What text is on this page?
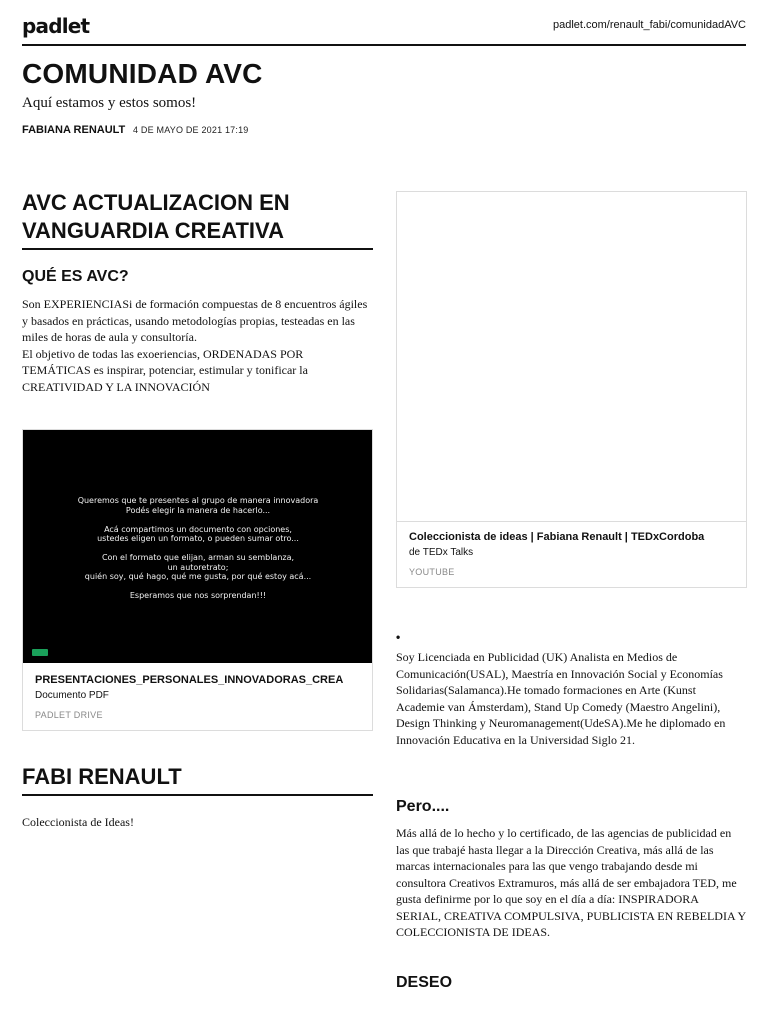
padlet	padlet.com/renault_fabi/comunidadAVC
COMUNIDAD AVC
Aquí estamos y estos somos!
FABIANA RENAULT 4 DE MAYO DE 2021 17:19
AVC ACTUALIZACION EN VANGUARDIA CREATIVA
QUÉ ES AVC?
Son EXPERIENCIASi de formación compuestas de 8 encuentros ágiles y basados en prácticas, usando metodologías propias, testeadas en las miles de horas de aula y consultoría.
El objetivo de todas las exoeriencias, ORDENADAS POR TEMÁTICAS es inspirar, potenciar, estimular y tonificar la CREATIVIDAD Y LA INNOVACIÓN
Queremos que te presentes al grupo de manera innovadora
Podés elegir la manera de hacerlo...

Acá compartimos un documento con opciones,
ustedes eligen un formato, o pueden sumar otro...

Con el formato que elijan, arman su semblanza,
un autoretrato;
quién soy, qué hago, qué me gusta, por qué estoy acá...

Esperamos que nos sorprendan!!!
PRESENTACIONES_PERSONALES_INNOVADORAS_CREA
Documento PDF
PADLET DRIVE
FABI RENAULT
Coleccionista de Ideas!
Coleccionista de ideas | Fabiana Renault | TEDxCordoba
de TEDx Talks
YOUTUBE
•
Soy Licenciada en Publicidad (UK) Analista en Medios de Comunicación(USAL), Maestría en Innovación Social y Economías Solidarias(Salamanca).He tomado formaciones en Arte (Kunst Academie van Ámsterdam), Stand Up Comedy (Maestro Angelini), Design Thinking y Neuromanagement(UdeSA).Me he diplomado en Innovación Educativa en la Universidad Siglo 21.
Pero....
Más allá de lo hecho y lo certificado, de las agencias de publicidad en las que trabajé hasta llegar a la Dirección Creativa, más allá de las marcas internacionales para las que vengo trabajando desde mi consultora Creativos Extramuros, más allá de ser embajadora TED, me gusta definirme por lo que soy en el día a día: INSPIRADORA SERIAL, CREATIVA COMPULSIVA, PUBLICISTA EN REBELDIA Y COLECCIONISTA DE IDEAS.
DESEO
